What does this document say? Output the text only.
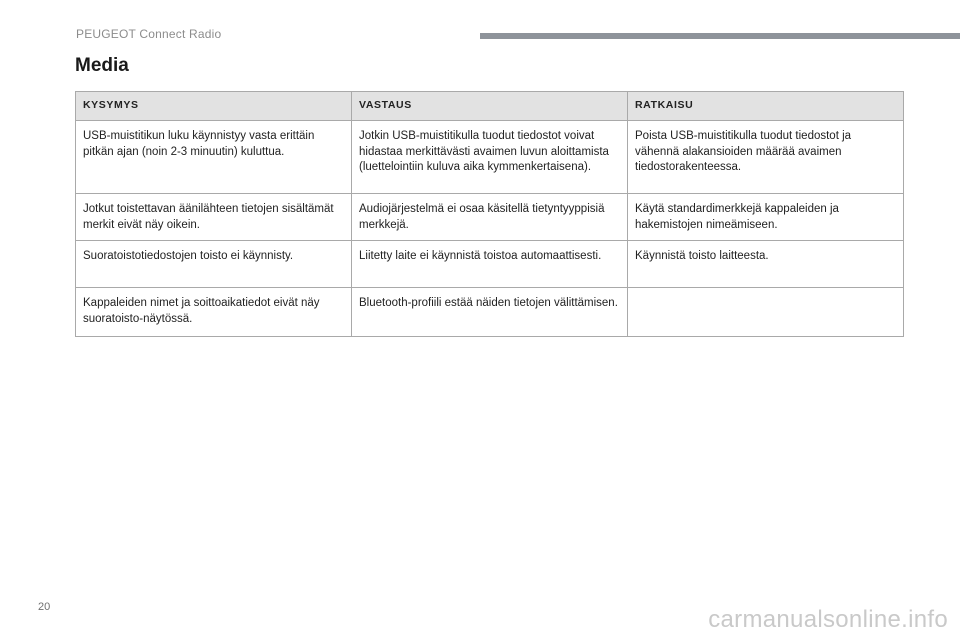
PEUGEOT Connect Radio
Media
KYSYMYS	VASTAUS	RATKAISU
USB-muistitikun luku käynnistyy vasta erittäin pitkän ajan (noin 2-3 minuutin) kuluttua.	Jotkin USB-muistitikulla tuodut tiedostot voivat hidastaa merkittävästi avaimen luvun aloittamista (luettelointiin kuluva aika kymmenkertaisena).	Poista USB-muistitikulla tuodut tiedostot ja vähennä alakansioiden määrää avaimen tiedostorakenteessa.
Jotkut toistettavan äänilähteen tietojen sisältämät merkit eivät näy oikein.	Audiojärjestelmä ei osaa käsitellä tietyntyyppisiä merkkejä.	Käytä standardimerkkejä kappaleiden ja hakemistojen nimeämiseen.
Suoratoistotiedostojen toisto ei käynnisty.	Liitetty laite ei käynnistä toistoa automaattisesti.	Käynnistä toisto laitteesta.
Kappaleiden nimet ja soittoaikatiedot eivät näy suoratoisto-näytössä.	Bluetooth-profiili estää näiden tietojen välittämisen.	
20	carmanualsonline.info
